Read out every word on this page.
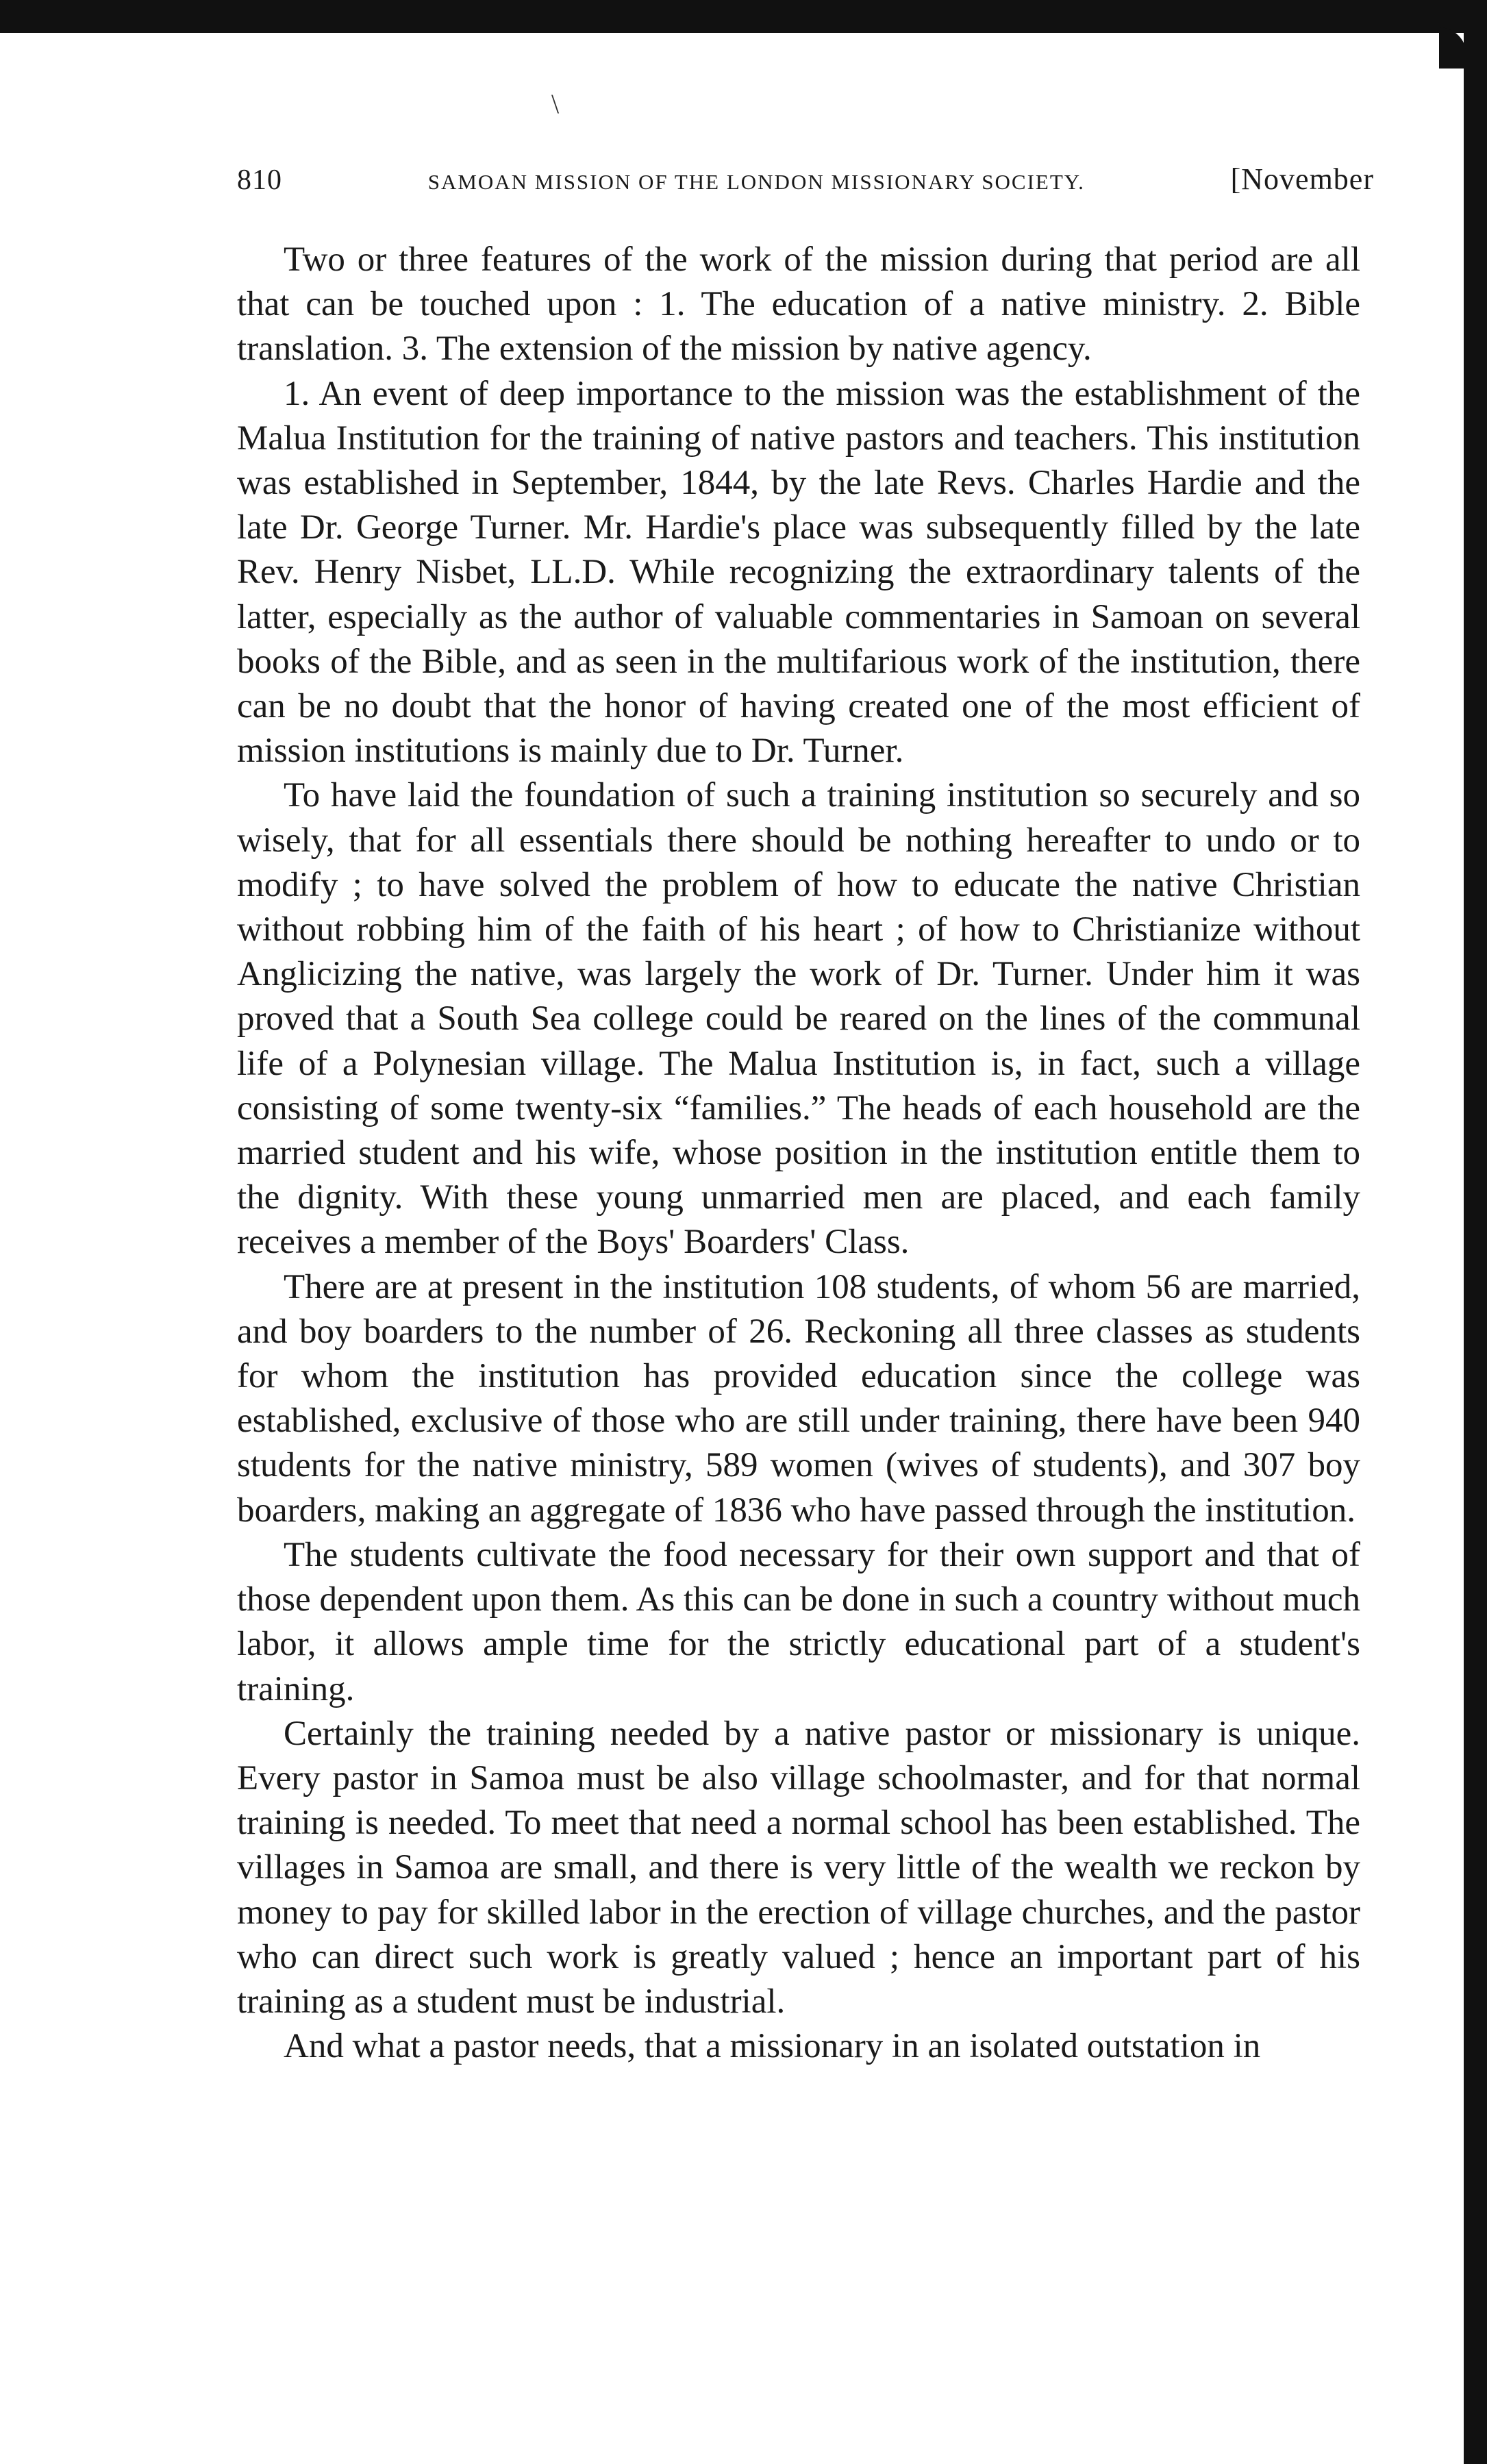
\
810	SAMOAN MISSION OF THE LONDON MISSIONARY SOCIETY.	[November

Two or three features of the work of the mission during that period are all that can be touched upon : 1. The education of a native ministry. 2. Bible translation. 3. The extension of the mission by native agency.

1. An event of deep importance to the mission was the establishment of the Malua Institution for the training of native pastors and teachers. This institution was established in September, 1844, by the late Revs. Charles Hardie and the late Dr. George Turner. Mr. Hardie's place was subsequently filled by the late Rev. Henry Nisbet, LL.D. While recognizing the extraordinary talents of the latter, especially as the author of valuable commentaries in Samoan on several books of the Bible, and as seen in the multifarious work of the institution, there can be no doubt that the honor of having created one of the most efficient of mission institutions is mainly due to Dr. Turner.

To have laid the foundation of such a training institution so securely and so wisely, that for all essentials there should be nothing hereafter to undo or to modify ; to have solved the problem of how to educate the native Christian without robbing him of the faith of his heart ; of how to Christianize without Anglicizing the native, was largely the work of Dr. Turner. Under him it was proved that a South Sea college could be reared on the lines of the communal life of a Polynesian village. The Malua Institution is, in fact, such a village consisting of some twenty-six “families.” The heads of each household are the married student and his wife, whose position in the institution entitle them to the dignity. With these young unmarried men are placed, and each family receives a member of the Boys' Boarders' Class.

There are at present in the institution 108 students, of whom 56 are married, and boy boarders to the number of 26. Reckoning all three classes as students for whom the institution has provided education since the college was established, exclusive of those who are still under training, there have been 940 students for the native ministry, 589 women (wives of students), and 307 boy boarders, making an aggregate of 1836 who have passed through the institution.

The students cultivate the food necessary for their own support and that of those dependent upon them. As this can be done in such a country without much labor, it allows ample time for the strictly educational part of a student's training.

Certainly the training needed by a native pastor or missionary is unique. Every pastor in Samoa must be also village schoolmaster, and for that normal training is needed. To meet that need a normal school has been established. The villages in Samoa are small, and there is very little of the wealth we reckon by money to pay for skilled labor in the erection of village churches, and the pastor who can direct such work is greatly valued ; hence an important part of his training as a student must be industrial.

And what a pastor needs, that a missionary in an isolated outstation in
